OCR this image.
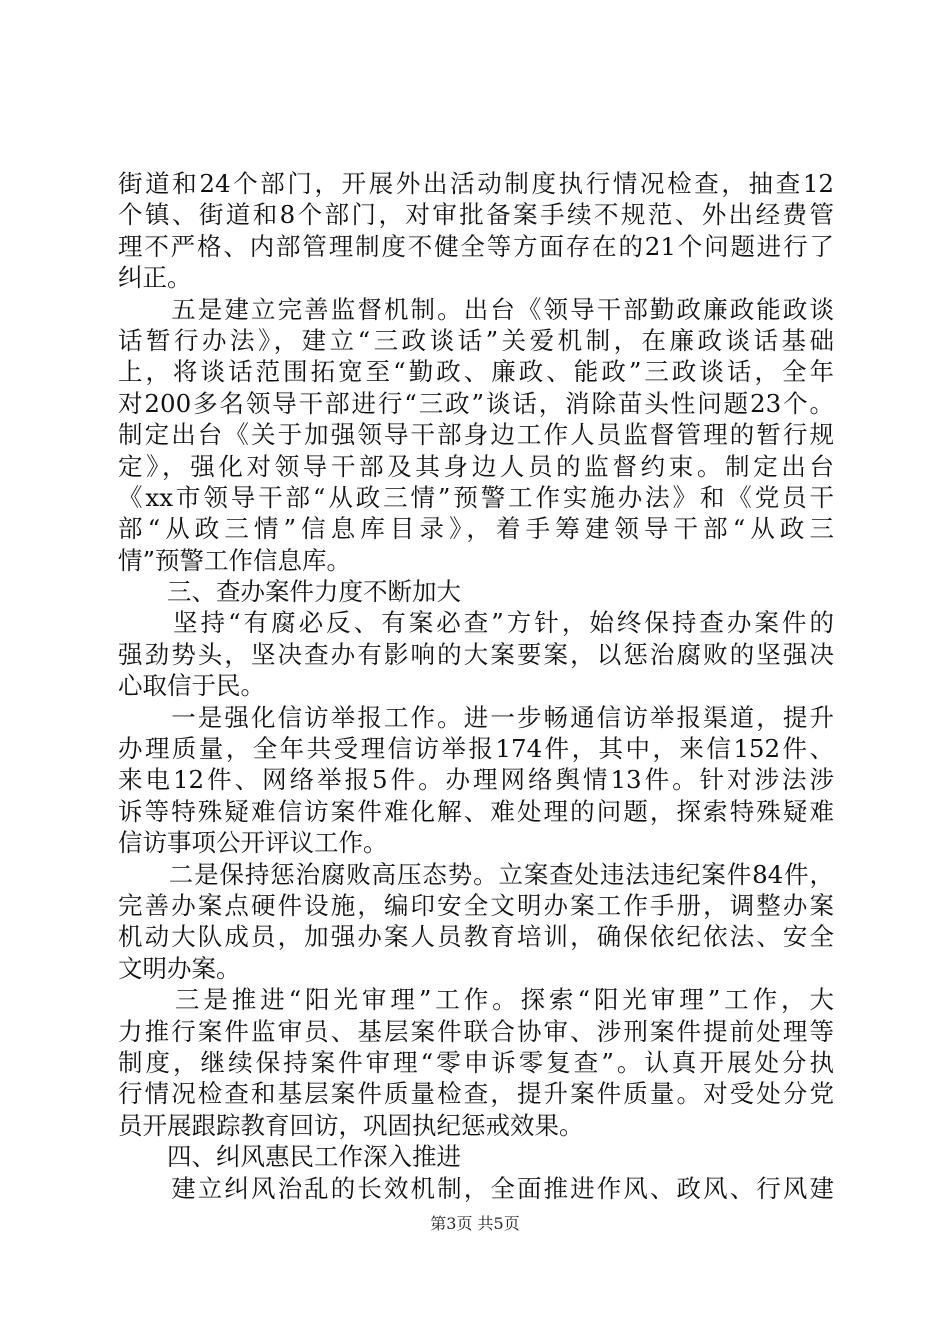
街道和24个部门，开展外出活动制度执行情况检查，抽查12
个镇、街道和8个部门，对审批备案手续不规范、外出经费管
理不严格、内部管理制度不健全等方面存在的21个问题进行了
纠正。
　　五是建立完善监督机制。出台《领导干部勤政廉政能政谈
话暂行办法》，建立“三政谈话”关爱机制，在廉政谈话基础
上，将谈话范围拓宽至“勤政、廉政、能政”三政谈话，全年
对200多名领导干部进行“三政”谈话，消除苗头性问题23个。
制定出台《关于加强领导干部身边工作人员监督管理的暂行规
定》，强化对领导干部及其身边人员的监督约束。制定出台
《xx市领导干部“从政三情”预警工作实施办法》和《党员干
部“从政三情”信息库目录》，着手筹建领导干部“从政三
情”预警工作信息库。
　　三、查办案件力度不断加大
　　坚持“有腐必反、有案必查”方针，始终保持查办案件的
强劲势头，坚决查办有影响的大案要案，以惩治腐败的坚强决
心取信于民。
　　一是强化信访举报工作。进一步畅通信访举报渠道，提升
办理质量，全年共受理信访举报174件，其中，来信152件、
来电12件、网络举报5件。办理网络舆情13件。针对涉法涉
诉等特殊疑难信访案件难化解、难处理的问题，探索特殊疑难
信访事项公开评议工作。
　　二是保持惩治腐败高压态势。立案查处违法违纪案件84件，
完善办案点硬件设施，编印安全文明办案工作手册，调整办案
机动大队成员，加强办案人员教育培训，确保依纪依法、安全
文明办案。
　　三是推进“阳光审理”工作。探索“阳光审理”工作，大
力推行案件监审员、基层案件联合协审、涉刑案件提前处理等
制度，继续保持案件审理“零申诉零复查”。认真开展处分执
行情况检查和基层案件质量检查，提升案件质量。对受处分党
员开展跟踪教育回访，巩固执纪惩戒效果。
　　四、纠风惠民工作深入推进
　　建立纠风治乱的长效机制，全面推进作风、政风、行风建
第3页 共5页
